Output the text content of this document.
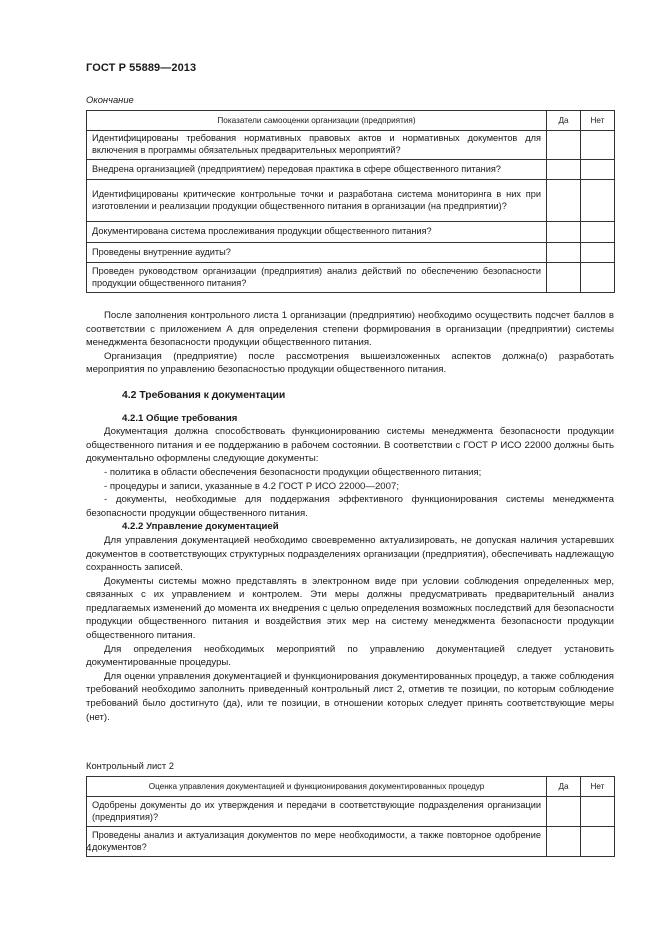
ГОСТ Р 55889—2013
Окончание
Показатели самооценки организации (предприятия)	Да	Нет
Идентифицированы требования нормативных правовых актов и нормативных документов для включения в программы обязательных предварительных мероприятий?		
Внедрена организацией (предприятием) передовая практика в сфере общественного питания?		
Идентифицированы критические контрольные точки и разработана система мониторинга в них при изготовлении и реализации продукции общественного питания в организации (на предприятии)?		
Документирована система прослеживания продукции общественного питания?		
Проведены внутренние аудиты?		
Проведен руководством организации (предприятия) анализ действий по обеспечению безопасности продукции общественного питания?		

После заполнения контрольного листа 1 организации (предприятию) необходимо осуществить подсчет баллов в соответствии с приложением А для определения степени формирования в организации (предприятии) системы менеджмента безопасности продукции общественного питания.

Организация (предприятие) после рассмотрения вышеизложенных аспектов должна(о) разработать мероприятия по управлению безопасностью продукции общественного питания.

4.2 Требования к документации

4.2.1 Общие требования

Документация должна способствовать функционированию системы менеджмента безопасности продукции общественного питания и ее поддержанию в рабочем состоянии. В соответствии с ГОСТ Р ИСО 22000 должны быть документально оформлены следующие документы:

- политика в области обеспечения безопасности продукции общественного питания;

- процедуры и записи, указанные в 4.2 ГОСТ Р ИСО 22000—2007;

- документы, необходимые для поддержания эффективного функционирования системы менеджмента безопасности продукции общественного питания.

4.2.2 Управление документацией

Для управления документацией необходимо своевременно актуализировать, не допуская наличия устаревших документов в соответствующих структурных подразделениях организации (предприятия), обеспечивать надлежащую сохранность записей.

Документы системы можно представлять в электронном виде при условии соблюдения определенных мер, связанных с их управлением и контролем. Эти меры должны предусматривать предварительный анализ предлагаемых изменений до момента их внедрения с целью определения возможных последствий для безопасности продукции общественного питания и воздействия этих мер на систему менеджмента безопасности продукции общественного питания.

Для определения необходимых мероприятий по управлению документацией следует установить документированные процедуры.

Для оценки управления документацией и функционирования документированных процедур, а также соблюдения требований необходимо заполнить приведенный контрольный лист 2, отметив те позиции, по которым соблюдение требований было достигнуто (да), или те позиции, в отношении которых следует принять соответствующие меры (нет).

Контрольный лист 2
Оценка управления документацией и функционирования документированных процедур	Да	Нет
Одобрены документы до их утверждения и передачи в соответствующие подразделения организации (предприятия)?		
Проведены анализ и актуализация документов по мере необходимости, а также повторное одобрение документов?		
4
